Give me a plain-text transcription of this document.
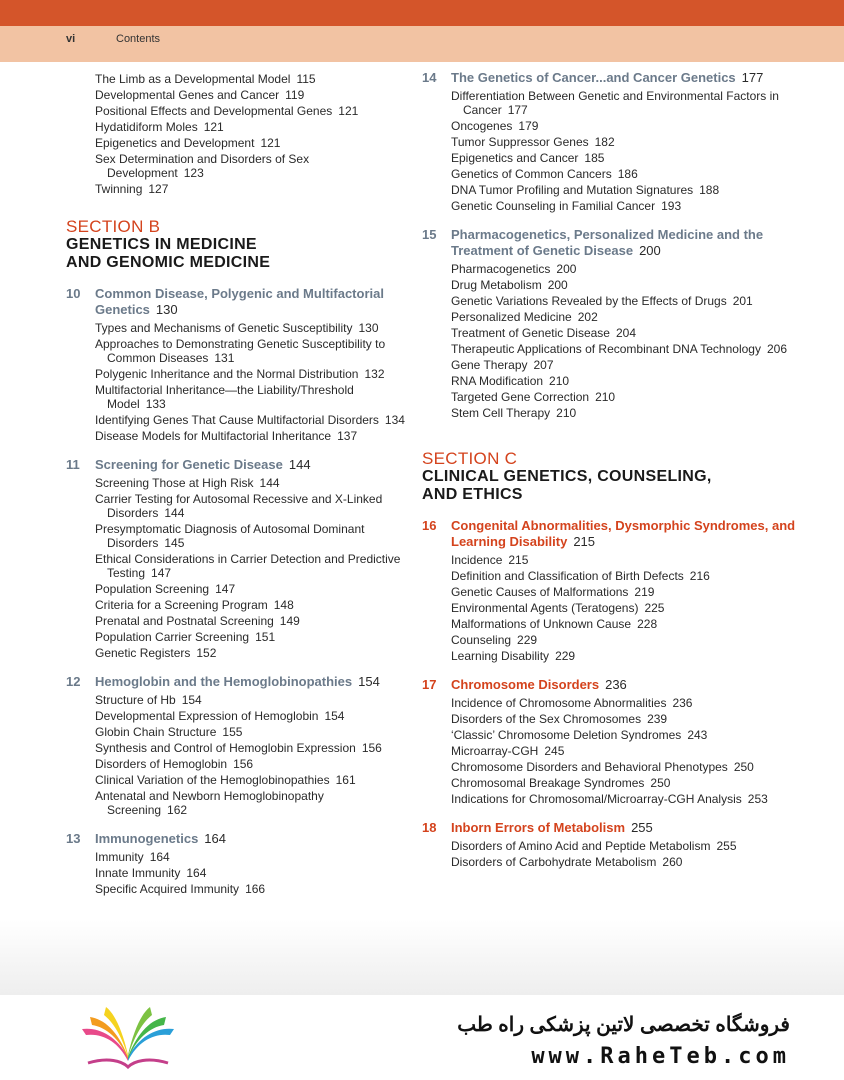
vi	Contents
The Limb as a Developmental Model 115
Developmental Genes and Cancer 119
Positional Effects and Developmental Genes 121
Hydatidiform Moles 121
Epigenetics and Development 121
Sex Determination and Disorders of Sex Development 123
Twinning 127
SECTION B
GENETICS IN MEDICINE
AND GENOMIC MEDICINE
10	Common Disease, Polygenic and Multifactorial Genetics 130
Types and Mechanisms of Genetic Susceptibility 130
Approaches to Demonstrating Genetic Susceptibility to Common Diseases 131
Polygenic Inheritance and the Normal Distribution 132
Multifactorial Inheritance—the Liability/Threshold Model 133
Identifying Genes That Cause Multifactorial Disorders 134
Disease Models for Multifactorial Inheritance 137
11	Screening for Genetic Disease 144
Screening Those at High Risk 144
Carrier Testing for Autosomal Recessive and X-Linked Disorders 144
Presymptomatic Diagnosis of Autosomal Dominant Disorders 145
Ethical Considerations in Carrier Detection and Predictive Testing 147
Population Screening 147
Criteria for a Screening Program 148
Prenatal and Postnatal Screening 149
Population Carrier Screening 151
Genetic Registers 152
12	Hemoglobin and the Hemoglobinopathies 154
Structure of Hb 154
Developmental Expression of Hemoglobin 154
Globin Chain Structure 155
Synthesis and Control of Hemoglobin Expression 156
Disorders of Hemoglobin 156
Clinical Variation of the Hemoglobinopathies 161
Antenatal and Newborn Hemoglobinopathy Screening 162
13	Immunogenetics 164
Immunity 164
Innate Immunity 164
Specific Acquired Immunity 166
14	The Genetics of Cancer...and Cancer Genetics 177
Differentiation Between Genetic and Environmental Factors in Cancer 177
Oncogenes 179
Tumor Suppressor Genes 182
Epigenetics and Cancer 185
Genetics of Common Cancers 186
DNA Tumor Profiling and Mutation Signatures 188
Genetic Counseling in Familial Cancer 193
15	Pharmacogenetics, Personalized Medicine and the Treatment of Genetic Disease 200
Pharmacogenetics 200
Drug Metabolism 200
Genetic Variations Revealed by the Effects of Drugs 201
Personalized Medicine 202
Treatment of Genetic Disease 204
Therapeutic Applications of Recombinant DNA Technology 206
Gene Therapy 207
RNA Modification 210
Targeted Gene Correction 210
Stem Cell Therapy 210
SECTION C
CLINICAL GENETICS, COUNSELING,
AND ETHICS
16	Congenital Abnormalities, Dysmorphic Syndromes, and Learning Disability 215
Incidence 215
Definition and Classification of Birth Defects 216
Genetic Causes of Malformations 219
Environmental Agents (Teratogens) 225
Malformations of Unknown Cause 228
Counseling 229
Learning Disability 229
17	Chromosome Disorders 236
Incidence of Chromosome Abnormalities 236
Disorders of the Sex Chromosomes 239
‘Classic’ Chromosome Deletion Syndromes 243
Microarray-CGH 245
Chromosome Disorders and Behavioral Phenotypes 250
Chromosomal Breakage Syndromes 250
Indications for Chromosomal/Microarray-CGH Analysis 253
18	Inborn Errors of Metabolism 255
Disorders of Amino Acid and Peptide Metabolism 255
Disorders of Carbohydrate Metabolism 260
فروشگاه تخصصی لاتین پزشکی راه طب
www.RaheTeb.com
